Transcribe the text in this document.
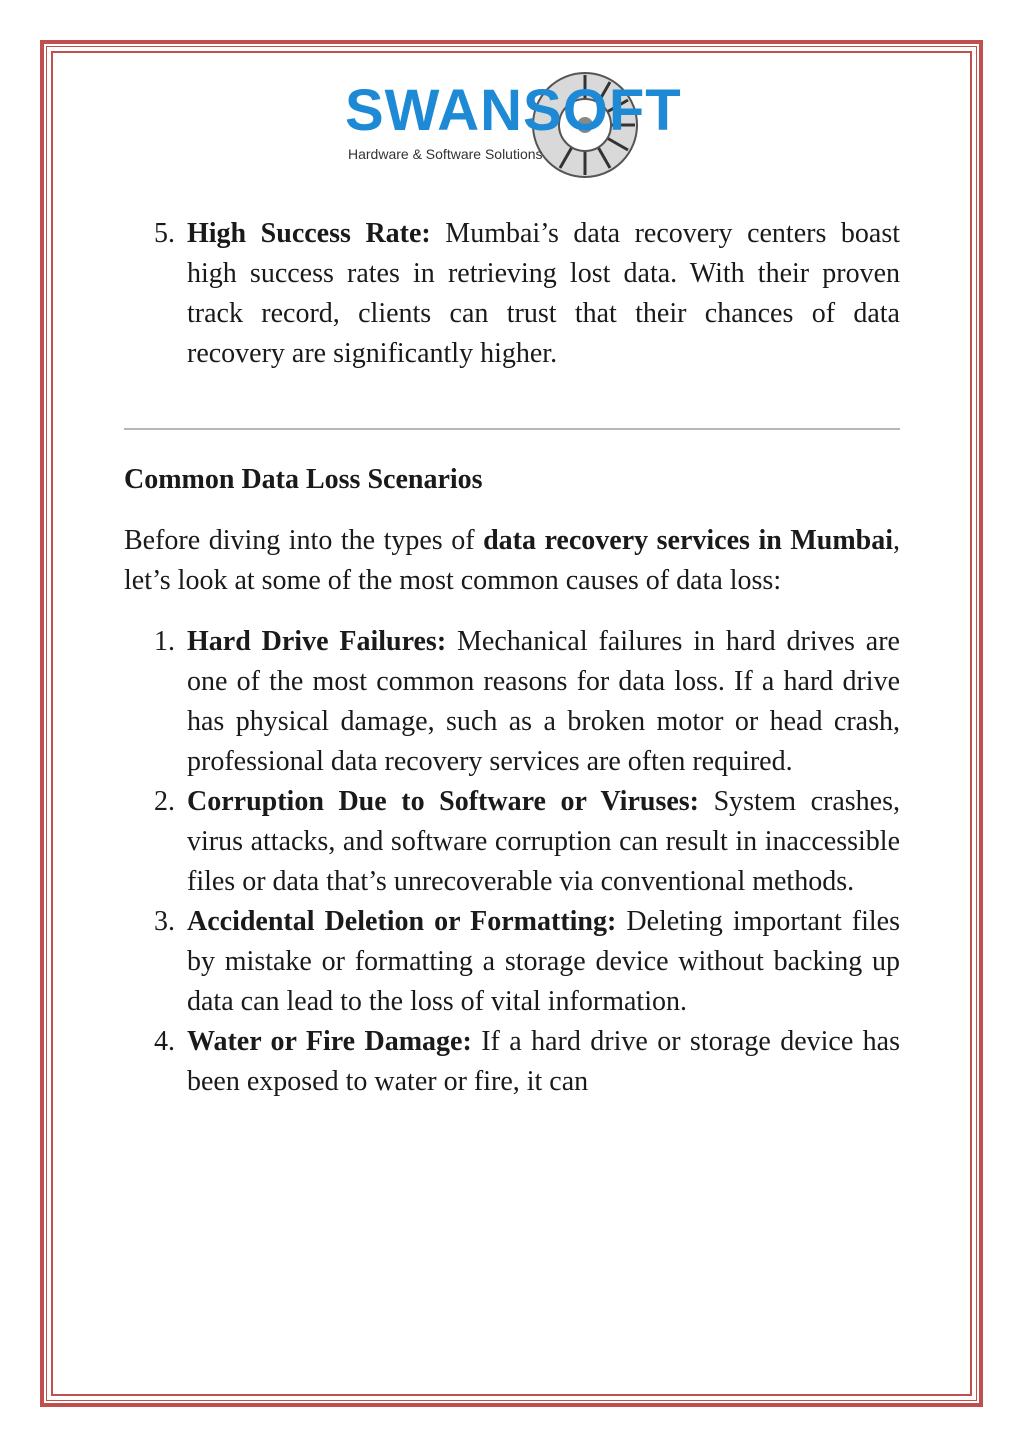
SWANSOFT
Hardware & Software Solutions
5. High Success Rate: Mumbai’s data recovery centers boast high success rates in retrieving lost data. With their proven track record, clients can trust that their chances of data recovery are significantly higher.
Common Data Loss Scenarios

Before diving into the types of data recovery services in Mumbai, let’s look at some of the most common causes of data loss:

1. Hard Drive Failures: Mechanical failures in hard drives are one of the most common reasons for data loss. If a hard drive has physical damage, such as a broken motor or head crash, professional data recovery services are often required.
2. Corruption Due to Software or Viruses: System crashes, virus attacks, and software corruption can result in inaccessible files or data that’s unrecoverable via conventional methods.
3. Accidental Deletion or Formatting: Deleting important files by mistake or formatting a storage device without backing up data can lead to the loss of vital information.
4. Water or Fire Damage: If a hard drive or storage device has been exposed to water or fire, it can
